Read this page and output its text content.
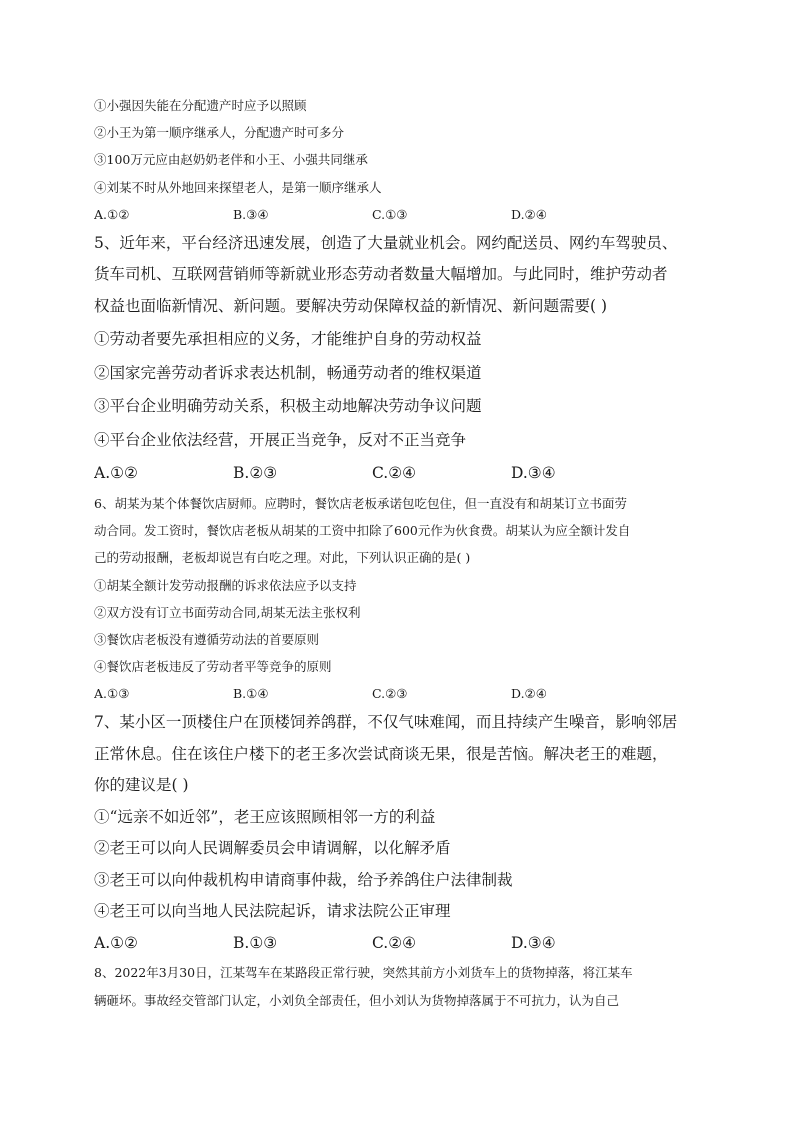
①小强因失能在分配遗产时应予以照顾
②小王为第一顺序继承人，分配遗产时可多分
③100万元应由赵奶奶老伴和小王、小强共同继承
④刘某不时从外地回来探望老人，是第一顺序继承人
A.①②	B.③④	C.①③	D.②④
5、近年来，平台经济迅速发展，创造了大量就业机会。网约配送员、网约车驾驶员、
货车司机、互联网营销师等新就业形态劳动者数量大幅增加。与此同时，维护劳动者
权益也面临新情况、新问题。要解决劳动保障权益的新情况、新问题需要( )
①劳动者要先承担相应的义务，才能维护自身的劳动权益
②国家完善劳动者诉求表达机制，畅通劳动者的维权渠道
③平台企业明确劳动关系，积极主动地解决劳动争议问题
④平台企业依法经营，开展正当竞争，反对不正当竞争
A.①②	B.②③	C.②④	D.③④
6、胡某为某个体餐饮店厨师。应聘时，餐饮店老板承诺包吃包住，但一直没有和胡某订立书面劳
动合同。发工资时，餐饮店老板从胡某的工资中扣除了600元作为伙食费。胡某认为应全额计发自
己的劳动报酬，老板却说岂有白吃之理。对此，下列认识正确的是( )
①胡某全额计发劳动报酬的诉求依法应予以支持
②双方没有订立书面劳动合同,胡某无法主张权利
③餐饮店老板没有遵循劳动法的首要原则
④餐饮店老板违反了劳动者平等竞争的原则
A.①③	B.①④	C.②③	D.②④
7、某小区一顶楼住户在顶楼饲养鸽群，不仅气味难闻，而且持续产生噪音，影响邻居
正常休息。住在该住户楼下的老王多次尝试商谈无果，很是苦恼。解决老王的难题，
你的建议是( )
①“远亲不如近邻”，老王应该照顾相邻一方的利益
②老王可以向人民调解委员会申请调解，以化解矛盾
③老王可以向仲裁机构申请商事仲裁，给予养鸽住户法律制裁
④老王可以向当地人民法院起诉，请求法院公正审理
A.①②	B.①③	C.②④	D.③④
8、2022年3月30日，江某驾车在某路段正常行驶，突然其前方小刘货车上的货物掉落，将江某车
辆砸坏。事故经交管部门认定，小刘负全部责任，但小刘认为货物掉落属于不可抗力，认为自己
